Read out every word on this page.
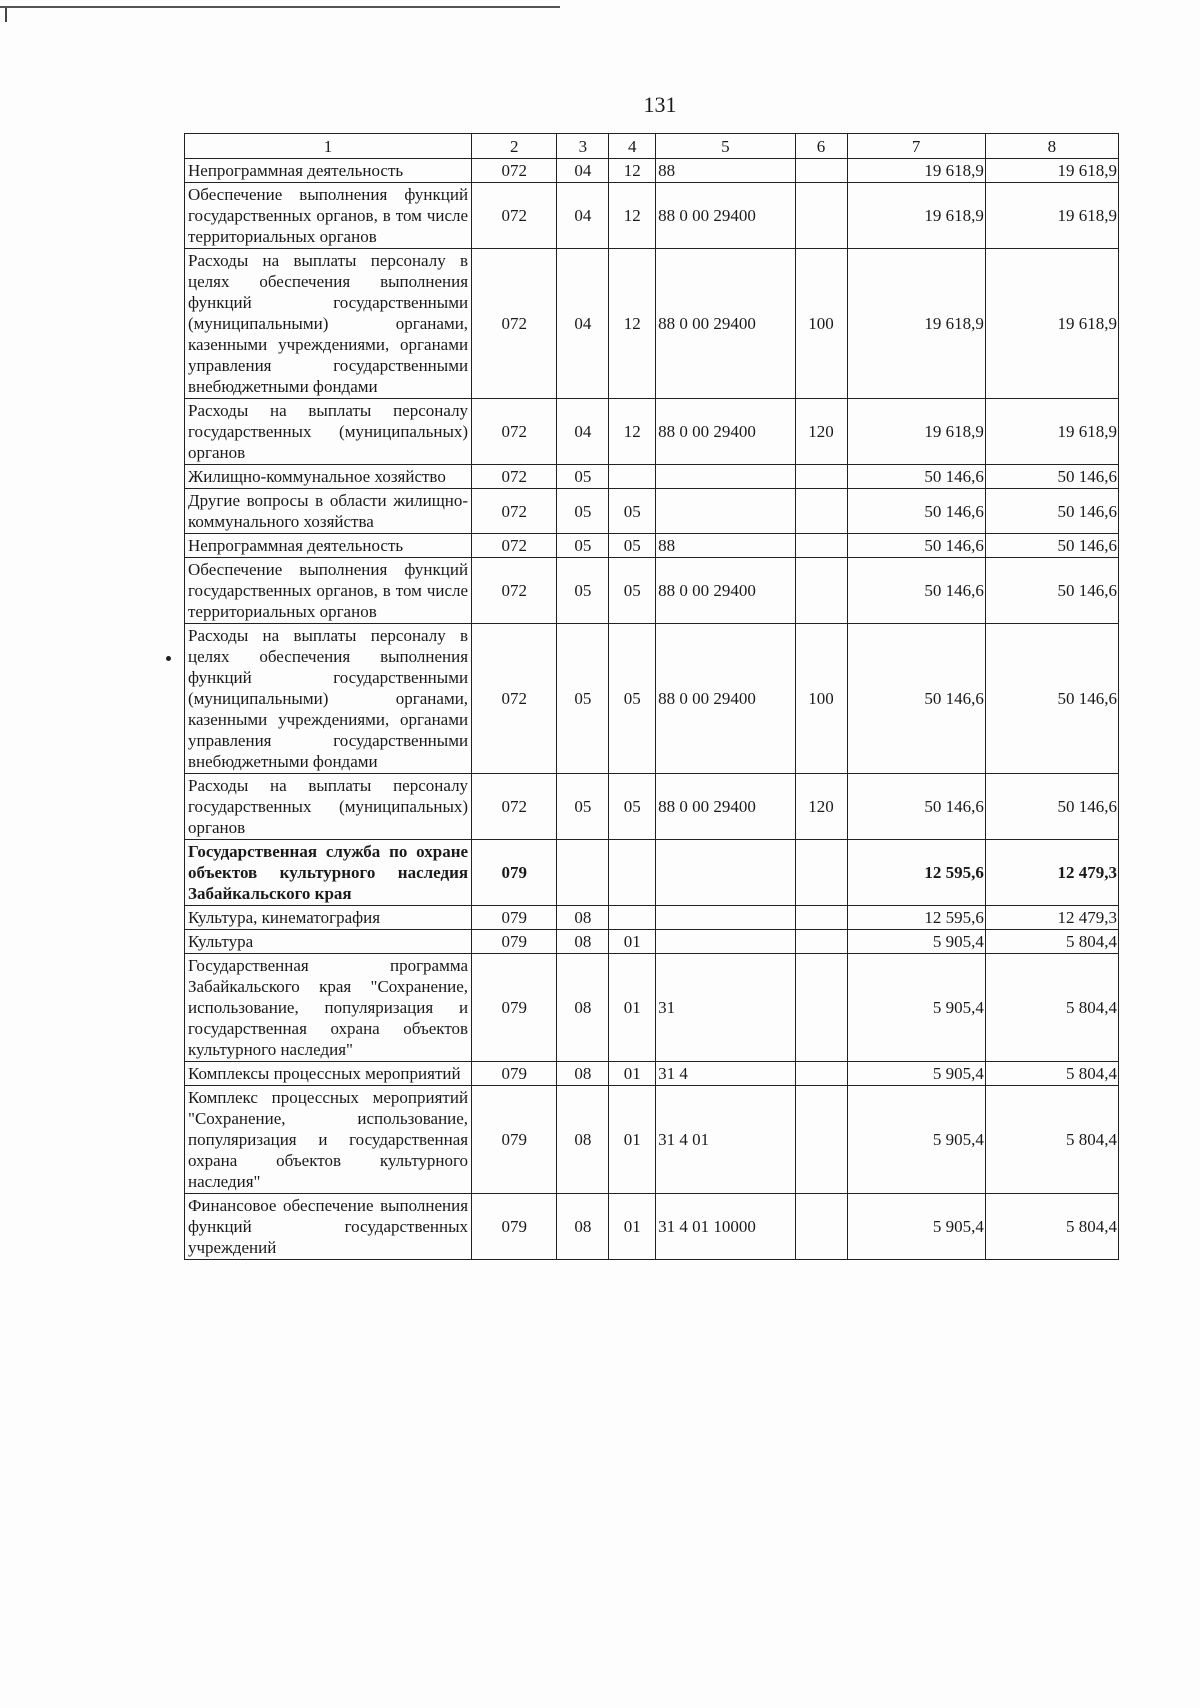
131
1	2	3	4	5	6	7	8
Непрограммная деятельность	072	04	12	88		19 618,9	19 618,9
Обеспечение выполнения функций государственных органов, в том числе территориальных органов	072	04	12	88 0 00 29400		19 618,9	19 618,9
Расходы на выплаты персоналу в целях обеспечения выполнения функций государственными (муниципальными) органами, казенными учреждениями, органами управления государственными внебюджетными фондами	072	04	12	88 0 00 29400	100	19 618,9	19 618,9
Расходы на выплаты персоналу государственных (муниципальных) органов	072	04	12	88 0 00 29400	120	19 618,9	19 618,9
Жилищно-коммунальное хозяйство	072	05				50 146,6	50 146,6
Другие вопросы в области жилищно-коммунального хозяйства	072	05	05			50 146,6	50 146,6
Непрограммная деятельность	072	05	05	88		50 146,6	50 146,6
Обеспечение выполнения функций государственных органов, в том числе территориальных органов	072	05	05	88 0 00 29400		50 146,6	50 146,6
Расходы на выплаты персоналу в целях обеспечения выполнения функций государственными (муниципальными) органами, казенными учреждениями, органами управления государственными внебюджетными фондами	072	05	05	88 0 00 29400	100	50 146,6	50 146,6
Расходы на выплаты персоналу государственных (муниципальных) органов	072	05	05	88 0 00 29400	120	50 146,6	50 146,6
Государственная служба по охране объектов культурного наследия Забайкальского края	079					12 595,6	12 479,3
Культура, кинематография	079	08				12 595,6	12 479,3
Культура	079	08	01			5 905,4	5 804,4
Государственная программа Забайкальского края "Сохранение, использование, популяризация и государственная охрана объектов культурного наследия"	079	08	01	31		5 905,4	5 804,4
Комплексы процессных мероприятий	079	08	01	31 4		5 905,4	5 804,4
Комплекс процессных мероприятий "Сохранение, использование, популяризация и государственная охрана объектов культурного наследия"	079	08	01	31 4 01		5 905,4	5 804,4
Финансовое обеспечение выполнения функций государственных учреждений	079	08	01	31 4 01 10000		5 905,4	5 804,4
